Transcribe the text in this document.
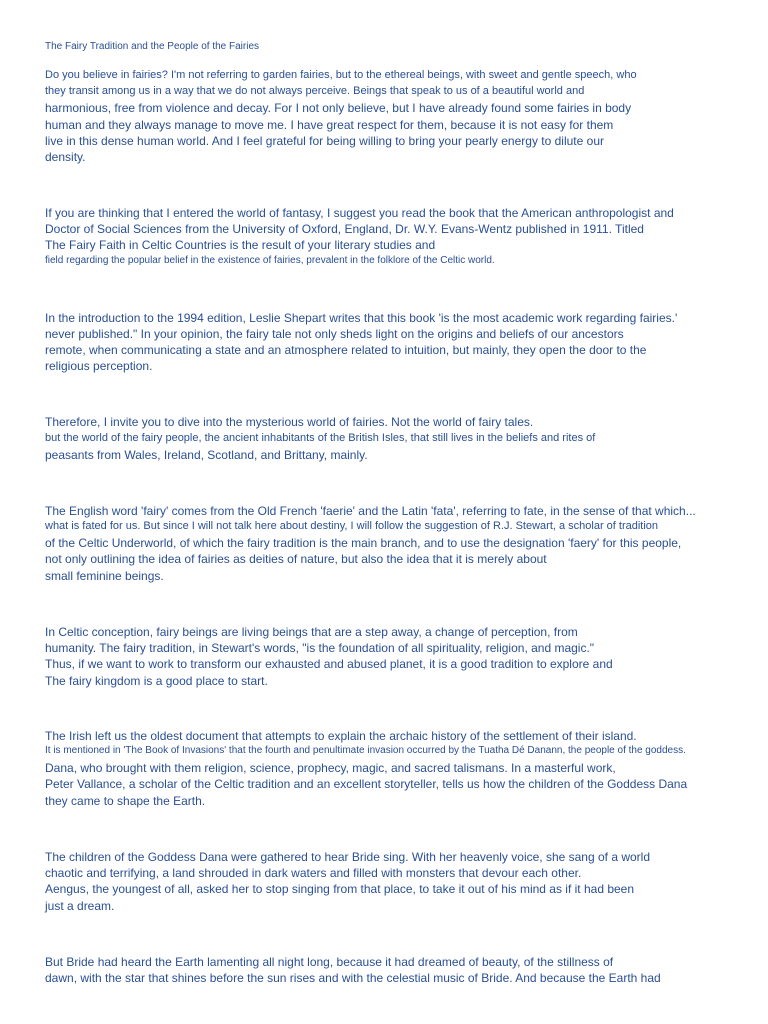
The Fairy Tradition and the People of the Fairies
Do you believe in fairies? I'm not referring to garden fairies, but to the ethereal beings, with sweet and gentle speech, who
they transit among us in a way that we do not always perceive. Beings that speak to us of a beautiful world and
harmonious, free from violence and decay. For I not only believe, but I have already found some fairies in body
human and they always manage to move me. I have great respect for them, because it is not easy for them
live in this dense human world. And I feel grateful for being willing to bring your pearly energy to dilute our
density.
If you are thinking that I entered the world of fantasy, I suggest you read the book that the American anthropologist and
Doctor of Social Sciences from the University of Oxford, England, Dr. W.Y. Evans-Wentz published in 1911. Titled
The Fairy Faith in Celtic Countries is the result of your literary studies and
field regarding the popular belief in the existence of fairies, prevalent in the folklore of the Celtic world.
In the introduction to the 1994 edition, Leslie Shepart writes that this book 'is the most academic work regarding fairies.'
never published." In your opinion, the fairy tale not only sheds light on the origins and beliefs of our ancestors
remote, when communicating a state and an atmosphere related to intuition, but mainly, they open the door to the
religious perception.
Therefore, I invite you to dive into the mysterious world of fairies. Not the world of fairy tales.
but the world of the fairy people, the ancient inhabitants of the British Isles, that still lives in the beliefs and rites of
peasants from Wales, Ireland, Scotland, and Brittany, mainly.
The English word 'fairy' comes from the Old French 'faerie' and the Latin 'fata', referring to fate, in the sense of that which...
what is fated for us. But since I will not talk here about destiny, I will follow the suggestion of R.J. Stewart, a scholar of tradition
of the Celtic Underworld, of which the fairy tradition is the main branch, and to use the designation 'faery' for this people,
not only outlining the idea of fairies as deities of nature, but also the idea that it is merely about
small feminine beings.
In Celtic conception, fairy beings are living beings that are a step away, a change of perception, from
humanity. The fairy tradition, in Stewart's words, "is the foundation of all spirituality, religion, and magic."
Thus, if we want to work to transform our exhausted and abused planet, it is a good tradition to explore and
The fairy kingdom is a good place to start.
The Irish left us the oldest document that attempts to explain the archaic history of the settlement of their island.
It is mentioned in 'The Book of Invasions' that the fourth and penultimate invasion occurred by the Tuatha Dé Danann, the people of the goddess.
Dana, who brought with them religion, science, prophecy, magic, and sacred talismans. In a masterful work,
Peter Vallance, a scholar of the Celtic tradition and an excellent storyteller, tells us how the children of the Goddess Dana
they came to shape the Earth.
The children of the Goddess Dana were gathered to hear Bride sing. With her heavenly voice, she sang of a world
chaotic and terrifying, a land shrouded in dark waters and filled with monsters that devour each other.
Aengus, the youngest of all, asked her to stop singing from that place, to take it out of his mind as if it had been
just a dream.
But Bride had heard the Earth lamenting all night long, because it had dreamed of beauty, of the stillness of
dawn, with the star that shines before the sun rises and with the celestial music of Bride. And because the Earth had
